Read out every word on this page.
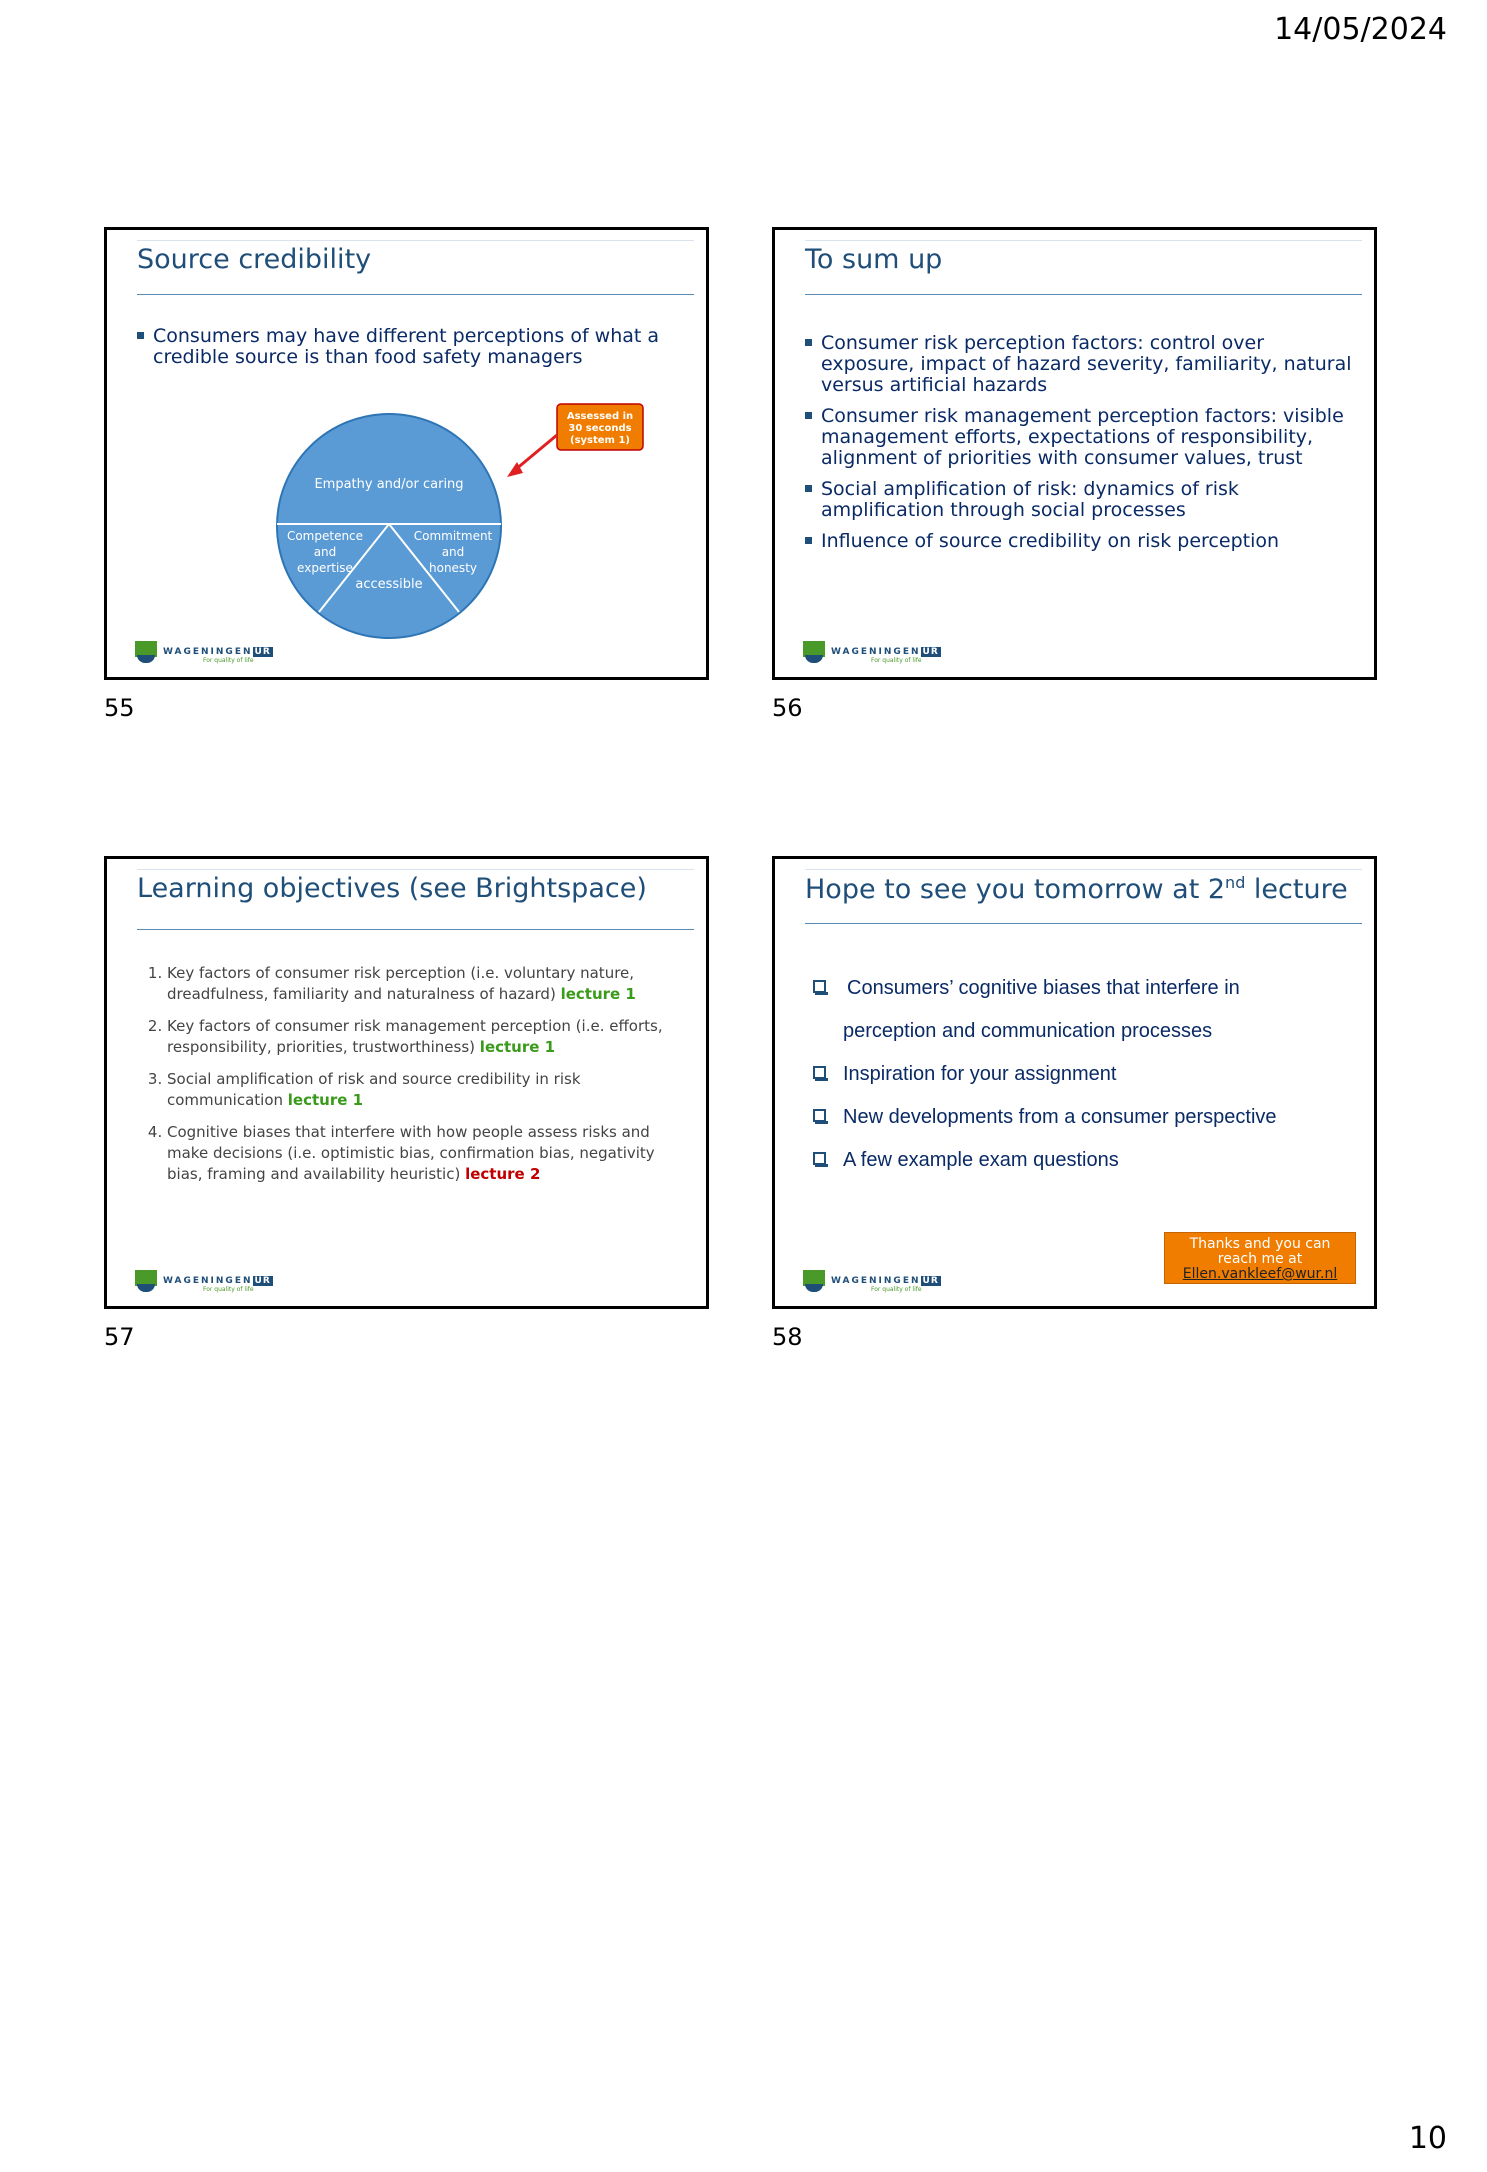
14/05/2024
Source credibility
Consumers may have different perceptions of what a credible source is than food safety managers
Empathy and/or caring
Competence
and
expertise
Commitment
and
honesty
accessible
Assessed in
30 seconds
(system 1)
WAGENINGEN UR
For quality of life
55
To sum up
Consumer risk perception factors: control over exposure, impact of hazard severity, familiarity, natural versus artificial hazards
Consumer risk management perception factors: visible management efforts, expectations of responsibility, alignment of priorities with consumer values, trust
Social amplification of risk: dynamics of risk amplification through social processes
Influence of source credibility on risk perception
WAGENINGEN UR
For quality of life
56
Learning objectives (see Brightspace)
1. Key factors of consumer risk perception (i.e. voluntary nature, dreadfulness, familiarity and naturalness of hazard) lecture 1
2. Key factors of consumer risk management perception (i.e. efforts, responsibility, priorities, trustworthiness) lecture 1
3. Social amplification of risk and source credibility in risk communication lecture 1
4. Cognitive biases that interfere with how people assess risks and make decisions (i.e. optimistic bias, confirmation bias, negativity bias, framing and availability heuristic) lecture 2
WAGENINGEN UR
For quality of life
57
Hope to see you tomorrow at 2nd lecture
Consumers’ cognitive biases that interfere in
perception and communication processes
Inspiration for your assignment
New developments from a consumer perspective
A few example exam questions
Thanks and you can
reach me at
Ellen.vankleef@wur.nl
WAGENINGEN UR
For quality of life
58
10
